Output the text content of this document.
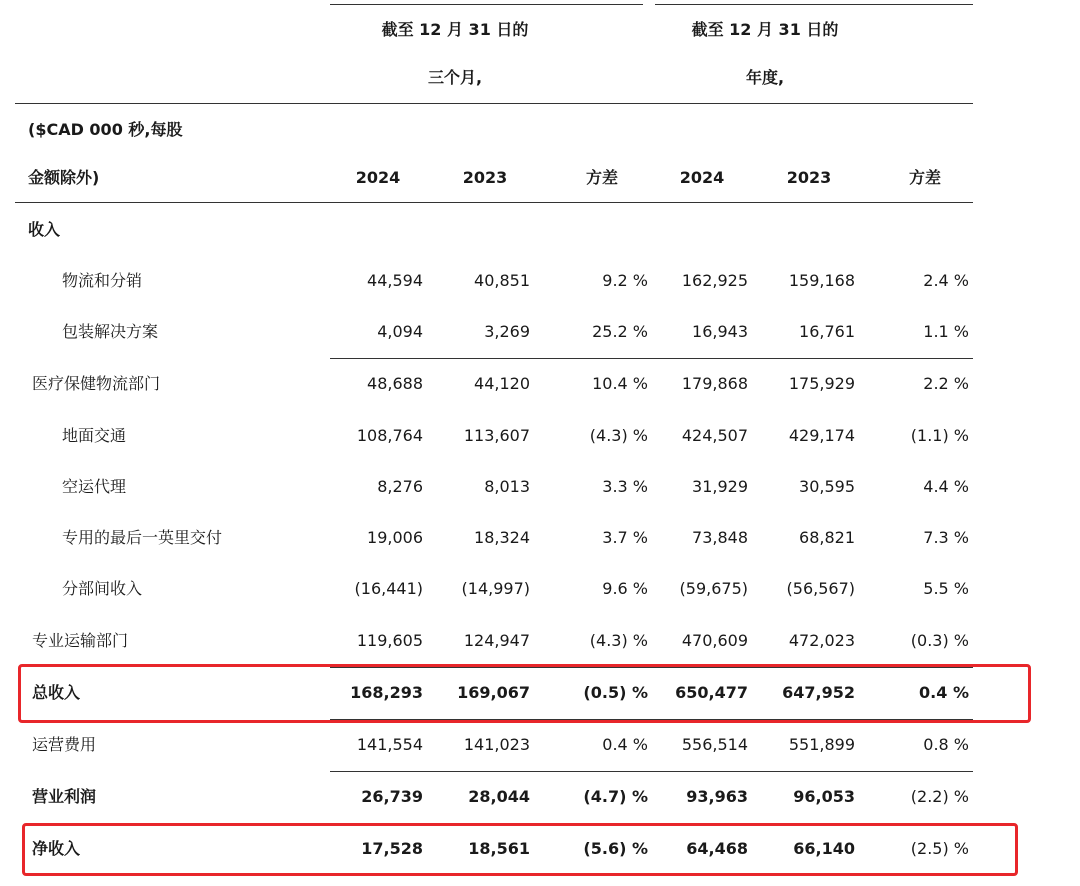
截至 12 月 31 日的
三个月,
截至 12 月 31 日的
年度,
($CAD 000 秒,每股
金额除外)	2024	2023	方差	2024	2023	方差
收入
物流和分销	44,594	40,851	9.2 %	162,925	159,168	2.4 %
包装解决方案	4,094	3,269	25.2 %	16,943	16,761	1.1 %
医疗保健物流部门	48,688	44,120	10.4 %	179,868	175,929	2.2 %
地面交通	108,764	113,607	(4.3) %	424,507	429,174	(1.1) %
空运代理	8,276	8,013	3.3 %	31,929	30,595	4.4 %
专用的最后一英里交付	19,006	18,324	3.7 %	73,848	68,821	7.3 %
分部间收入	(16,441)	(14,997)	9.6 %	(59,675)	(56,567)	5.5 %
专业运输部门	119,605	124,947	(4.3) %	470,609	472,023	(0.3) %
总收入	168,293	169,067	(0.5) %	650,477	647,952	0.4 %
运营费用	141,554	141,023	0.4 %	556,514	551,899	0.8 %
营业利润	26,739	28,044	(4.7) %	93,963	96,053	(2.2) %
净收入	17,528	18,561	(5.6) %	64,468	66,140	(2.5) %
